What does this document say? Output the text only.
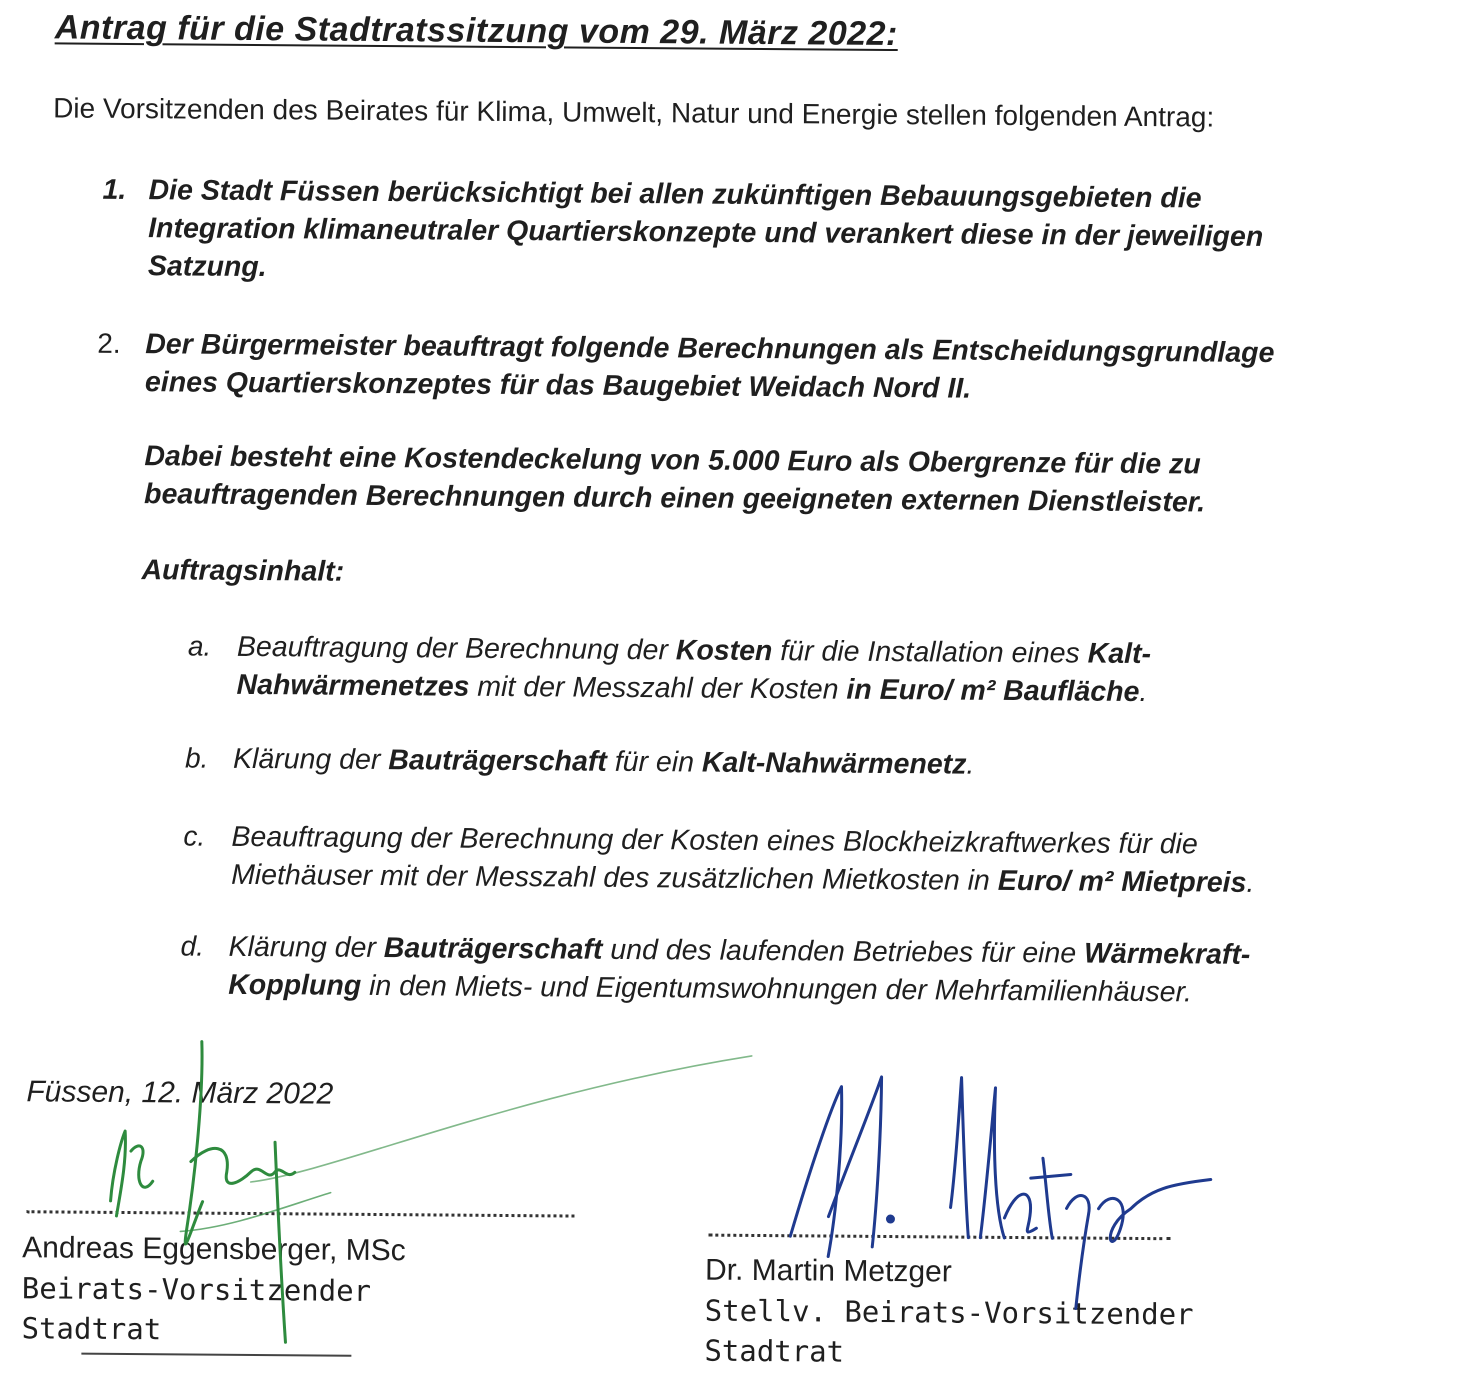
Antrag für die Stadtratssitzung vom 29. März 2022:
Die Vorsitzenden des Beirates für Klima, Umwelt, Natur und Energie stellen folgenden Antrag:
1. Die Stadt Füssen berücksichtigt bei allen zukünftigen Bebauungsgebieten die
Integration klimaneutraler Quartierskonzepte und verankert diese in der jeweiligen
Satzung.
2. Der Bürgermeister beauftragt folgende Berechnungen als Entscheidungsgrundlage
eines Quartierskonzeptes für das Baugebiet Weidach Nord II.
Dabei besteht eine Kostendeckelung von 5.000 Euro als Obergrenze für die zu
beauftragenden Berechnungen durch einen geeigneten externen Dienstleister.
Auftragsinhalt:
a. Beauftragung der Berechnung der Kosten für die Installation eines Kalt-
Nahwärmenetzes mit der Messzahl der Kosten in Euro/ m² Baufläche.
b. Klärung der Bauträgerschaft für ein Kalt-Nahwärmenetz.
c. Beauftragung der Berechnung der Kosten eines Blockheizkraftwerkes für die
Miethäuser mit der Messzahl des zusätzlichen Mietkosten in Euro/ m² Mietpreis.
d. Klärung der Bauträgerschaft und des laufenden Betriebes für eine Wärmekraft-
Kopplung in den Miets- und Eigentumswohnungen der Mehrfamilienhäuser.
Füssen, 12. März 2022
Andreas Eggensberger, MSc
Beirats-Vorsitzender
Stadtrat
Dr. Martin Metzger
Stellv. Beirats-Vorsitzender
Stadtrat
